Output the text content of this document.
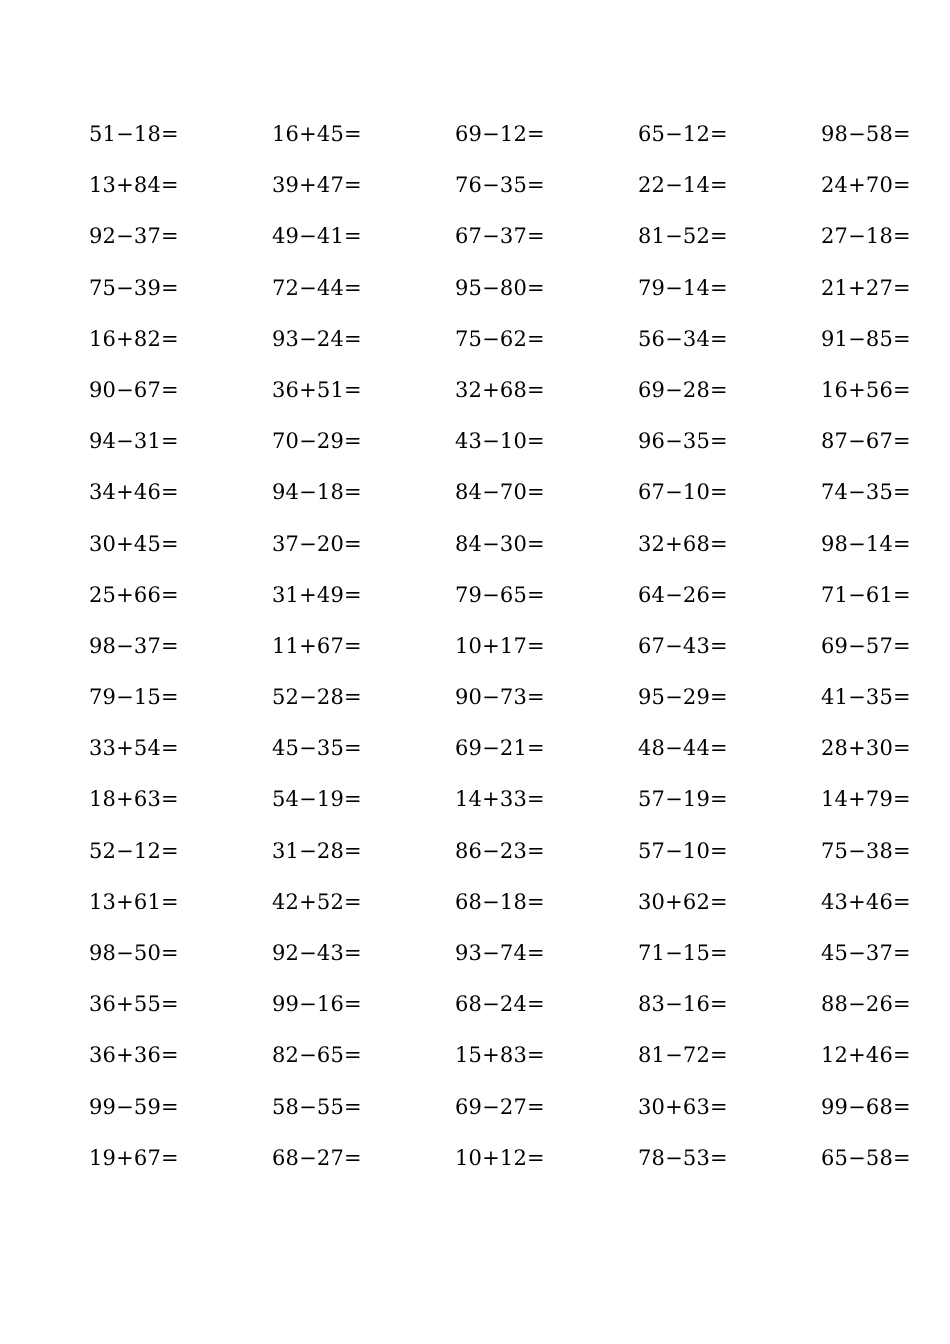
51−18=	16+45=	69−12=	65−12=	98−58=
13+84=	39+47=	76−35=	22−14=	24+70=
92−37=	49−41=	67−37=	81−52=	27−18=
75−39=	72−44=	95−80=	79−14=	21+27=
16+82=	93−24=	75−62=	56−34=	91−85=
90−67=	36+51=	32+68=	69−28=	16+56=
94−31=	70−29=	43−10=	96−35=	87−67=
34+46=	94−18=	84−70=	67−10=	74−35=
30+45=	37−20=	84−30=	32+68=	98−14=
25+66=	31+49=	79−65=	64−26=	71−61=
98−37=	11+67=	10+17=	67−43=	69−57=
79−15=	52−28=	90−73=	95−29=	41−35=
33+54=	45−35=	69−21=	48−44=	28+30=
18+63=	54−19=	14+33=	57−19=	14+79=
52−12=	31−28=	86−23=	57−10=	75−38=
13+61=	42+52=	68−18=	30+62=	43+46=
98−50=	92−43=	93−74=	71−15=	45−37=
36+55=	99−16=	68−24=	83−16=	88−26=
36+36=	82−65=	15+83=	81−72=	12+46=
99−59=	58−55=	69−27=	30+63=	99−68=
19+67=	68−27=	10+12=	78−53=	65−58=
